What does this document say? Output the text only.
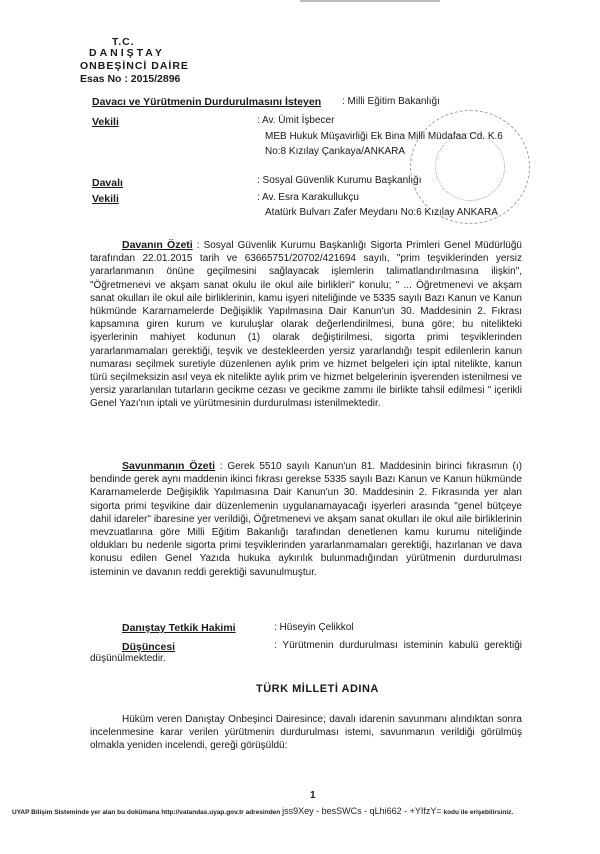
T.C.
DANIŞTAY
ONBEŞİNCİ DAİRE
Esas No : 2015/2896
Davacı ve Yürütmenin Durdurulmasını İsteyen : Milli Eğitim Bakanlığı
Vekili	: Av. Ümit İşbecer
MEB Hukuk Müşavirliği Ek Bina Milli Müdafaa Cd. K.6
No:8 Kızılay Çankaya/ANKARA
Davalı	: Sosyal Güvenlik Kurumu Başkanlığı
Vekili	: Av. Esra Karakullukçu
Atatürk Bulvarı Zafer Meydanı No:6 Kızılay ANKARA
Davanın Özeti : Sosyal Güvenlik Kurumu Başkanlığı Sigorta Primleri Genel Müdürlüğü tarafından 22.01.2015 tarih ve 63665751/20702/421694 sayılı, "prim teşviklerinden yersiz yararlanmanın önüne geçilmesini sağlayacak işlemlerin talimatlandırılmasına ilişkin", "Öğretmenevi ve akşam sanat okulu ile okul aile birlikleri" konulu; " ... Öğretmenevi ve akşam sanat okulları ile okul aile birliklerinin, kamu işyeri niteliğinde ve 5335 sayılı Bazı Kanun ve Kanun hükmünde Kararnamelerde Değişiklik Yapılmasına Dair Kanun'un 30. Maddesinin 2. Fıkrası kapsamına giren kurum ve kuruluşlar olarak değerlendirilmesi, buna göre; bu nitelikteki işyerlerinin mahiyet kodunun (1) olarak değiştirilmesi, sigorta primi teşviklerinden yararlanmamaları gerektiği, teşvik ve destekleerden yersiz yararlandığı tespit edilenlerin kanun numarası seçilmek suretiyle düzenlenen aylık prim ve hizmet belgeleri için iptal nitelikte, kanun türü seçilmeksizin asıl veya ek nitelikte aylık prim ve hizmet belgelerinin işverenden istenilmesi ve yersiz yararlanılan tutarların gecikme cezası ve gecikme zammı ile birlikte tahsil edilmesi " içerikli Genel Yazı'nın iptali ve yürütmesinin durdurulması istenilmektedir.
Savunmanın Özeti : Gerek 5510 sayılı Kanun'un 81. Maddesinin birinci fıkrasının (ı) bendinde gerek aynı maddenin ikinci fıkrası gerekse 5335 sayılı Bazı Kanun ve Kanun hükmünde Kararnamelerde Değişiklik Yapılmasına Dair Kanun'un 30. Maddesinin 2. Fıkrasında yer alan sigorta primi teşvikine dair düzenlemenin uygulanamayacağı işyerleri arasında "genel bütçeye dahil idareler" ibaresine yer verildiği, Öğretmenevi ve akşam sanat okulları ile okul aile birliklerinin mevzuatlarına göre Milli Eğitim Bakanlığı tarafından denetlenen kamu kurumu niteliğinde oldukları bu nedenle sigorta primi teşviklerinden yararlanmamaları gerektiği, hazırlanan ve dava konusu edilen Genel Yazıda hukuka aykırılık bulunmadığından yürütmenin durdurulması isteminin ve davanın reddi gerektiği savunulmuştur.
Danıştay Tetkik Hakimi	: Hüseyin Çelikkol
Düşüncesi	: Yürütmenin durdurulması isteminin kabulü gerektiği düşünülmektedir.
TÜRK MİLLETİ ADINA
Hüküm veren Danıştay Onbeşinci Dairesince; davalı idarenin savunmanı alındıktan sonra incelenmesine karar verilen yürütmenin durdurulması istemi, savunmanın verildiği görülmüş olmakla yeniden incelendi, gereği görüşüldü:
1
UYAP Bilişim Sisteminde yer alan bu dokümana http://vatandas.uyap.gov.tr adresinden jss9Xey - besSWCs - qLhi662 - +YIfzY= kodu ile erişebilirsiniz.
